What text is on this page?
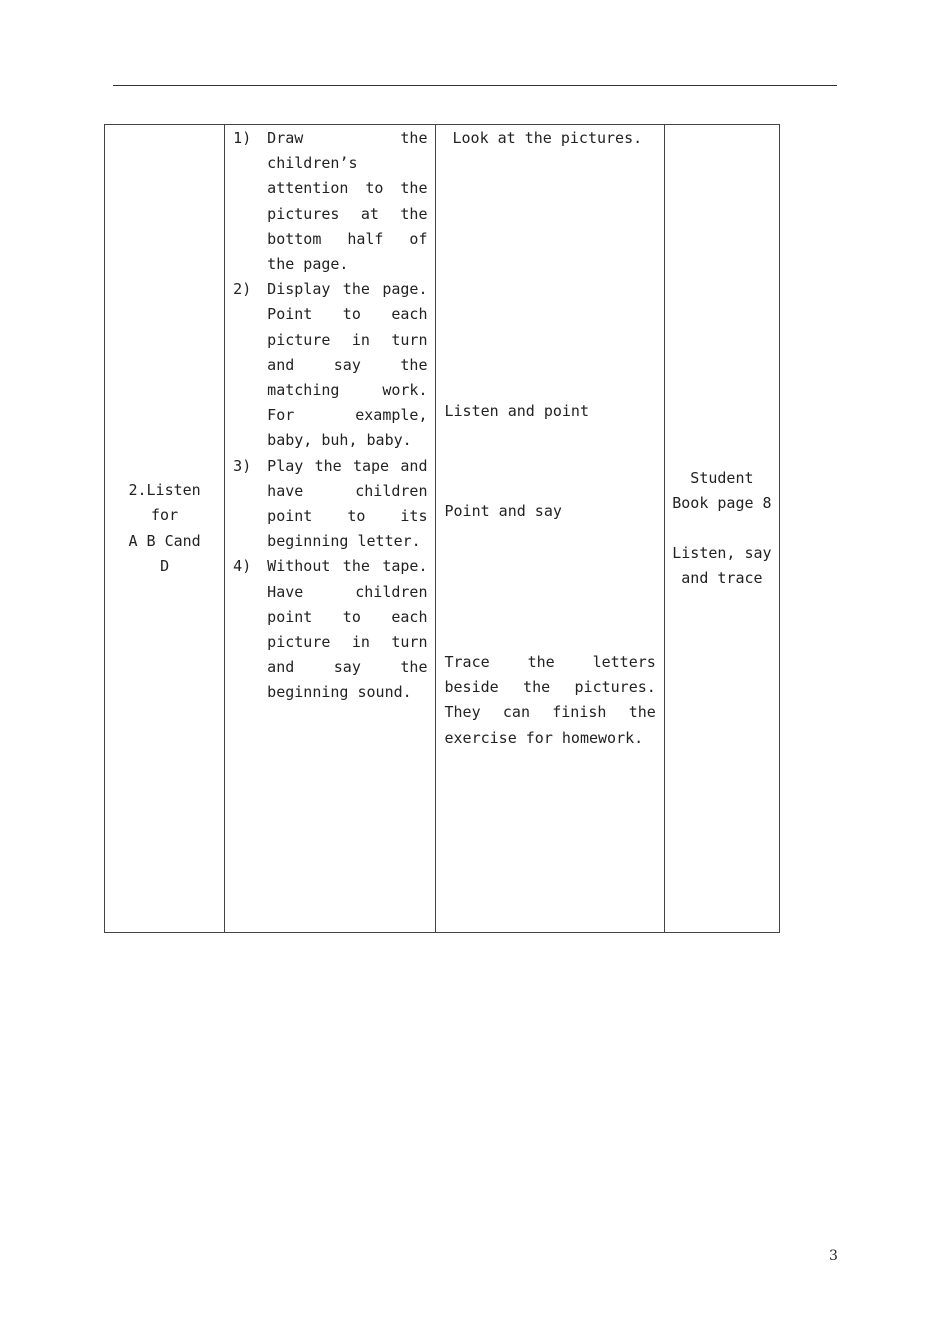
2.Listen for
A B Cand
D

1)	Draw the children’s attention to the pictures at the bottom half of the page.
2)	Display the page. Point to each picture in turn and say the matching work. For example, baby, buh, baby.
3)	Play the tape and have children point to its beginning letter.
4)	Without the tape. Have children point to each picture in turn and say the beginning sound.

Look at the pictures.
Listen and point
Point and say
Trace the letters beside the pictures. They can finish the exercise for homework.

Student
Book page 8
Listen, say
and trace
3
